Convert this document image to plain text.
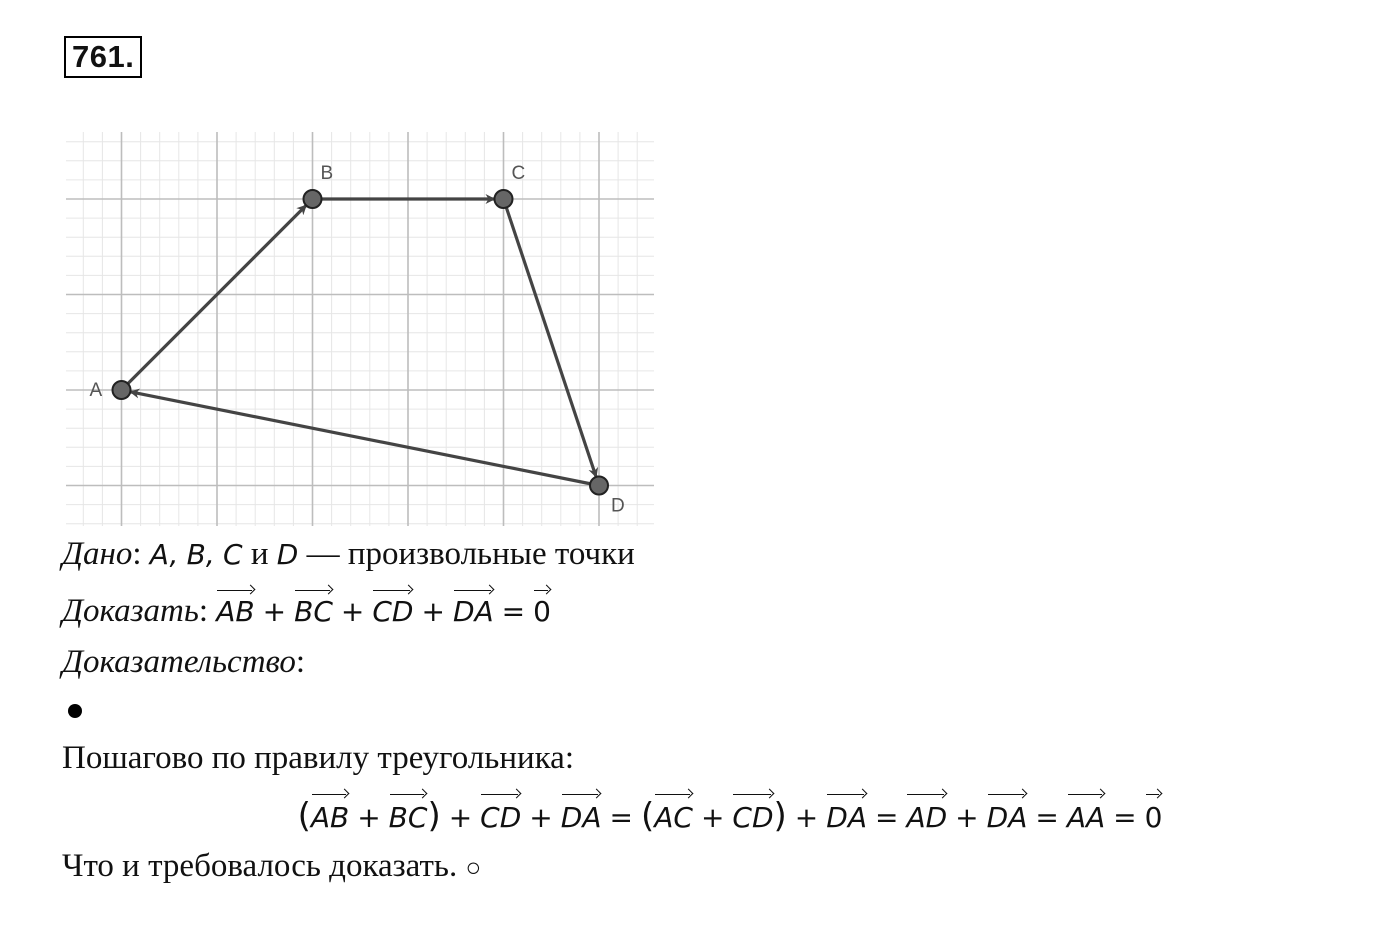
761.
A
B	C
D
Дано: A, B, C и D — произвольные точки
Доказать: AB + BC + CD + DA = 0
Доказательство:
Пошагово по правилу треугольника:
(AB + BC) + CD + DA = (AC + CD) + DA = AD + DA = AA = 0
Что и требовалось доказать. ○
